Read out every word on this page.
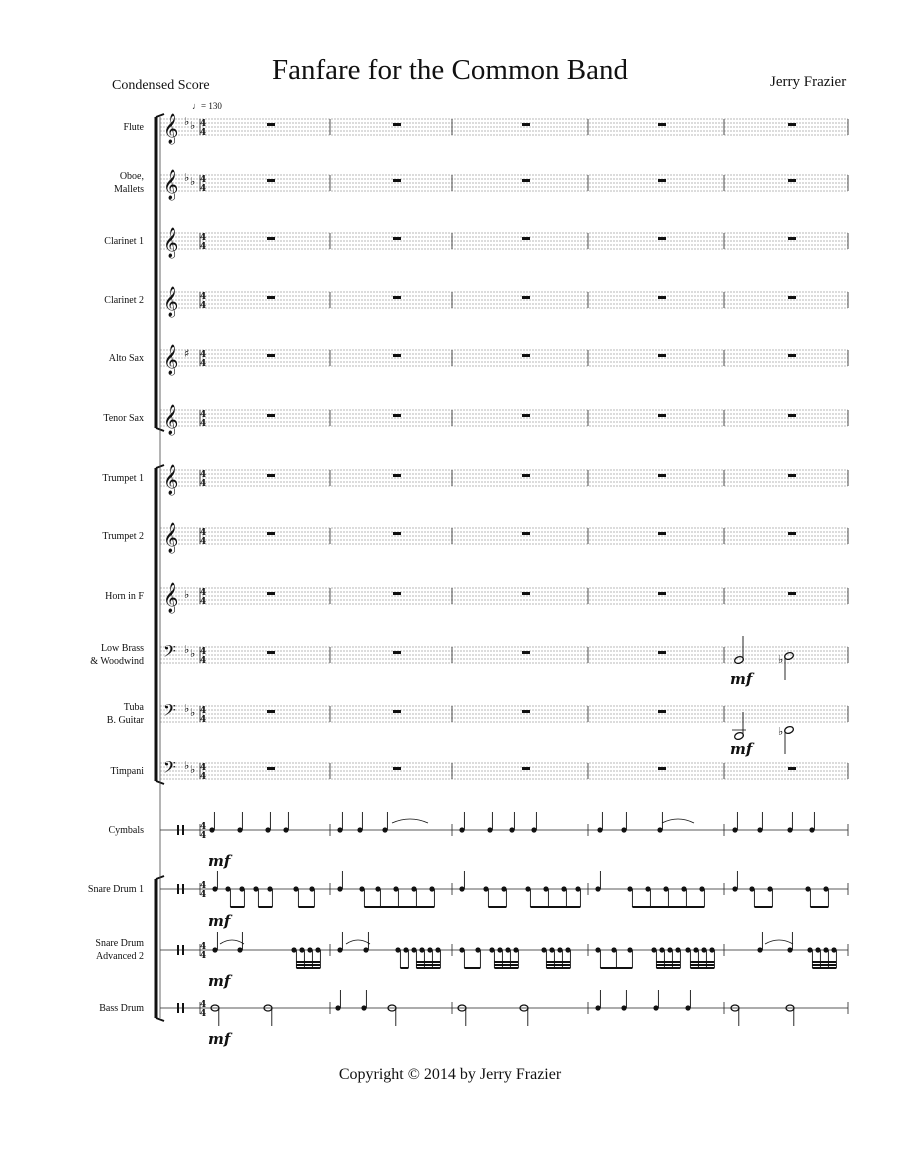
Fanfare for the Common Band
Condensed Score	Jerry Frazier
♩= 130
Flute
Oboe,
Mallets
Clarinet 1
Clarinet 2
Alto Sax
Tenor Sax
Trumpet 1
Trumpet 2
Horn in F
Low Brass
& Woodwind
Tuba
B. Guitar
Timpani
Cymbals
Snare Drum 1
Snare Drum
Advanced 2
Bass Drum
𝄞 ♭ ♭ 4
4
𝄞 ♭ ♭ 4
4
𝄞 4
4
𝄞 4
4
𝄞 ♯ 4
4
𝄞 4
4
𝄞 4
4
𝄞 4
4
𝄞 ♭ 4
4
𝄢 ♭ ♭ 4
4
𝄢 ♭ ♭ 4
4
𝄢 ♭ ♭ 4
4
4
4
4
4
4
4
4
4
♭
♭
mf
mf
mf
mf
mf
mf
Copyright © 2014 by Jerry Frazier
